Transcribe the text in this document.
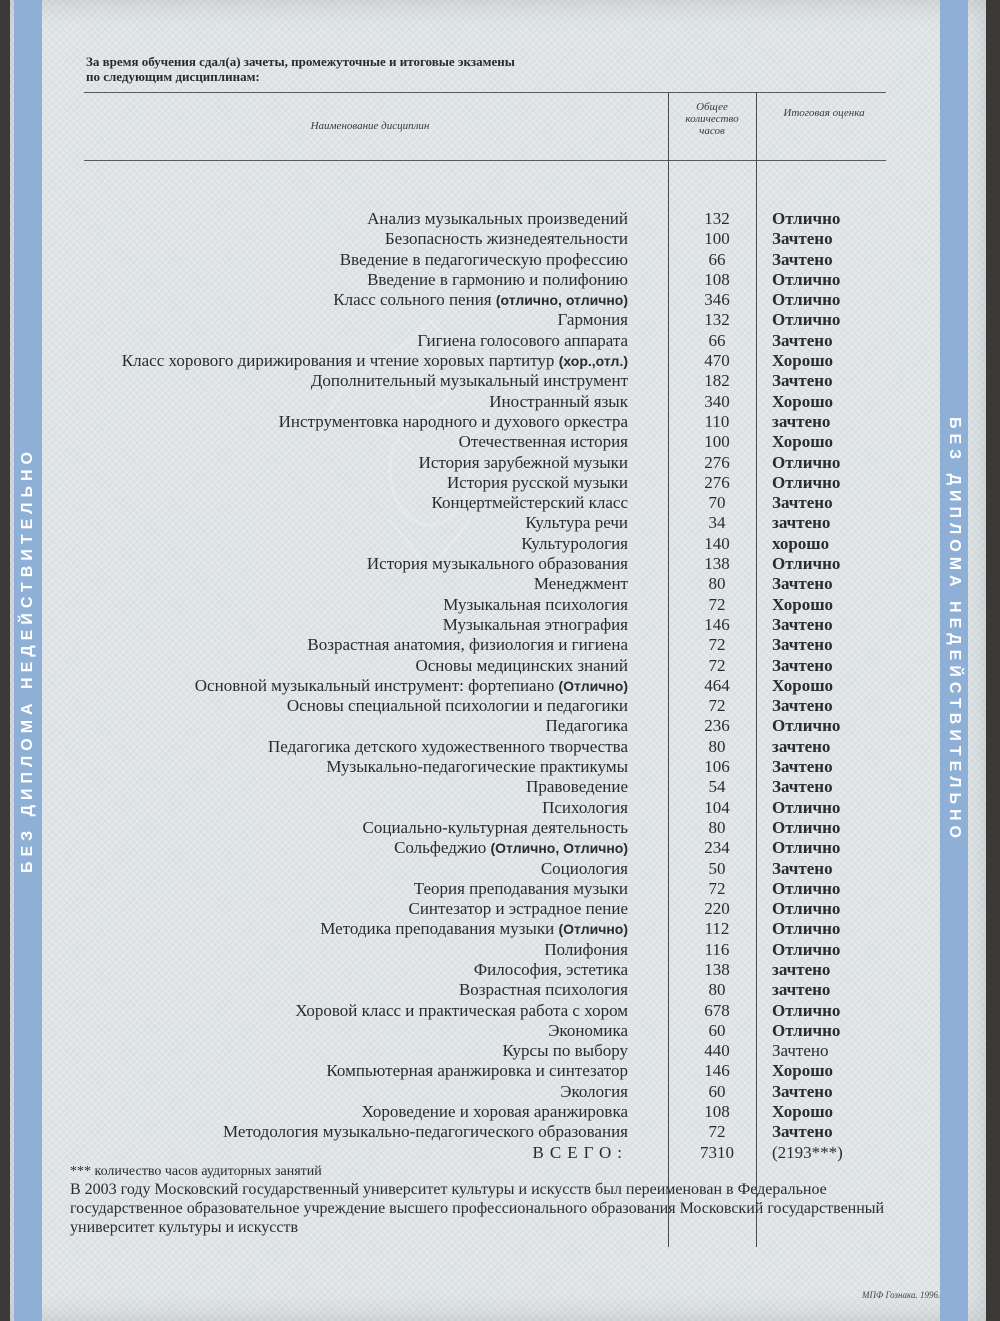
БЕЗ ДИПЛОМА НЕДЕЙСТВИТЕЛЬНО	БЕЗ ДИПЛОМА НЕДЕЙСТВИТЕЛЬНО
За время обучения сдал(а) зачеты, промежуточные и итоговые экзамены
по следующим дисциплинам:
Наименование дисциплин
Общее количество часов
Итоговая оценка
Анализ музыкальных произведений	132	Отлично
Безопасность жизнедеятельности	100	Зачтено
Введение в педагогическую профессию	66	Зачтено
Введение в гармонию и полифонию	108	Отлично
Класс сольного пения (отлично, отлично)	346	Отлично
Гармония	132	Отлично
Гигиена голосового аппарата	66	Зачтено
Класс хорового дирижирования и чтение хоровых партитур (хор.,отл.)	470	Хорошо
Дополнительный музыкальный инструмент	182	Зачтено
Иностранный язык	340	Хорошо
Инструментовка народного и духового оркестра	110	зачтено
Отечественная история	100	Хорошо
История зарубежной музыки	276	Отлично
История русской музыки	276	Отлично
Концертмейстерский класс	70	Зачтено
Культура речи	34	зачтено
Культурология	140	хорошо
История музыкального образования	138	Отлично
Менеджмент	80	Зачтено
Музыкальная психология	72	Хорошо
Музыкальная этнография	146	Зачтено
Возрастная анатомия, физиология и гигиена	72	Зачтено
Основы медицинских знаний	72	Зачтено
Основной музыкальный инструмент: фортепиано (Отлично)	464	Хорошо
Основы специальной психологии и педагогики	72	Зачтено
Педагогика	236	Отлично
Педагогика детского художественного творчества	80	зачтено
Музыкально-педагогические практикумы	106	Зачтено
Правоведение	54	Зачтено
Психология	104	Отлично
Социально-культурная деятельность	80	Отлично
Сольфеджио (Отлично, Отлично)	234	Отлично
Социология	50	Зачтено
Теория преподавания музыки	72	Отлично
Синтезатор и эстрадное пение	220	Отлично
Методика преподавания музыки (Отлично)	112	Отлично
Полифония	116	Отлично
Философия, эстетика	138	зачтено
Возрастная психология	80	зачтено
Хоровой класс и практическая работа с хором	678	Отлично
Экономика	60	Отлично
Курсы по выбору	440	Зачтено
Компьютерная аранжировка и синтезатор	146	Хорошо
Экология	60	Зачтено
Хороведение и хоровая аранжировка	108	Хорошо
Методология музыкально-педагогического образования	72	Зачтено
ВСЕГО:	7310	(2193***)
*** количество часов аудиторных занятий
В 2003 году Московский государственный университет культуры и искусств был переименован в Федеральное государственное образовательное учреждение высшего профессионального образования Московский государственный университет культуры и искусств
МПФ Гознака. 1996.
